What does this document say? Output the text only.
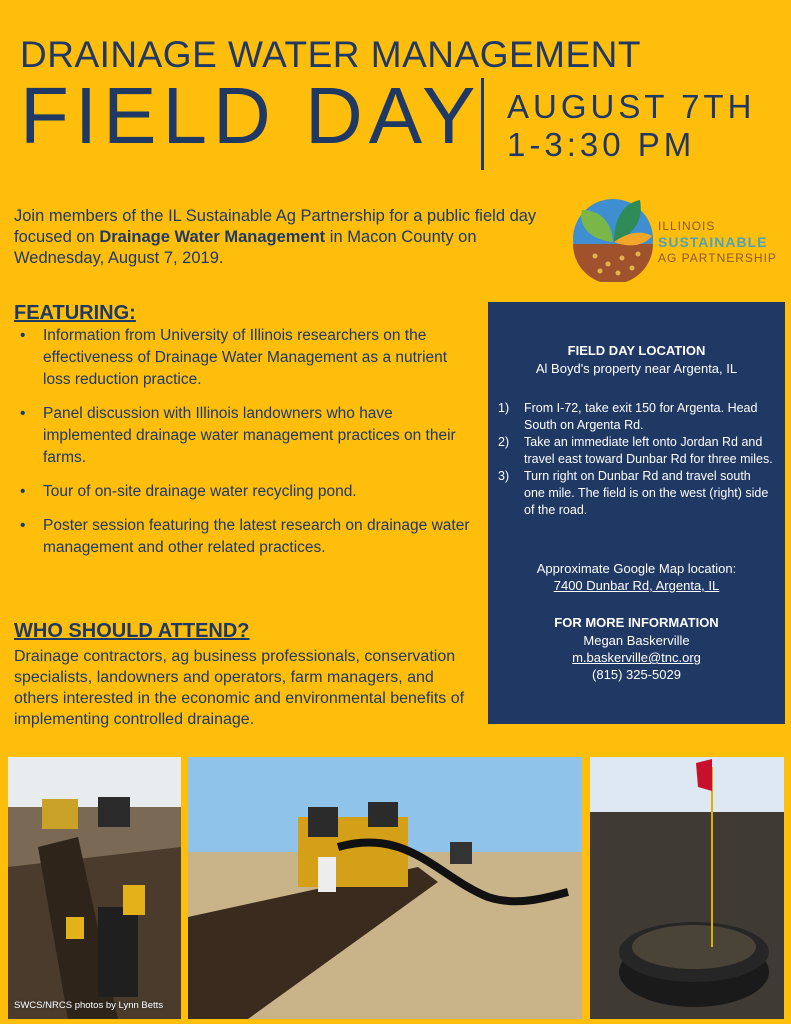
DRAINAGE WATER MANAGEMENT
FIELD DAY AUGUST 7TH
1-3:30 PM

Join members of the IL Sustainable Ag Partnership for a public field day focused on Drainage Water Management in Macon County on Wednesday, August 7, 2019.

ILLINOIS
SUSTAINABLE
AG PARTNERSHIP
FEATURING:
• Information from University of Illinois researchers on the effectiveness of Drainage Water Management as a nutrient loss reduction practice.
• Panel discussion with Illinois landowners who have implemented drainage water management practices on their farms.
• Tour of on-site drainage water recycling pond.
• Poster session featuring the latest research on drainage water management and other related practices.
WHO SHOULD ATTEND?

Drainage contractors, ag business professionals, conservation specialists, landowners and operators, farm managers, and others interested in the economic and environmental benefits of implementing controlled drainage.

FIELD DAY LOCATION
Al Boyd's property near Argenta, IL
1) From I-72, take exit 150 for Argenta. Head South on Argenta Rd.
2) Take an immediate left onto Jordan Rd and travel east toward Dunbar Rd for three miles.
3) Turn right on Dunbar Rd and travel south one mile. The field is on the west (right) side of the road.
Approximate Google Map location:
7400 Dunbar Rd, Argenta, IL
FOR MORE INFORMATION
Megan Baskerville
m.baskerville@tnc.org
(815) 325-5029
SWCS/NRCS photos by Lynn Betts
